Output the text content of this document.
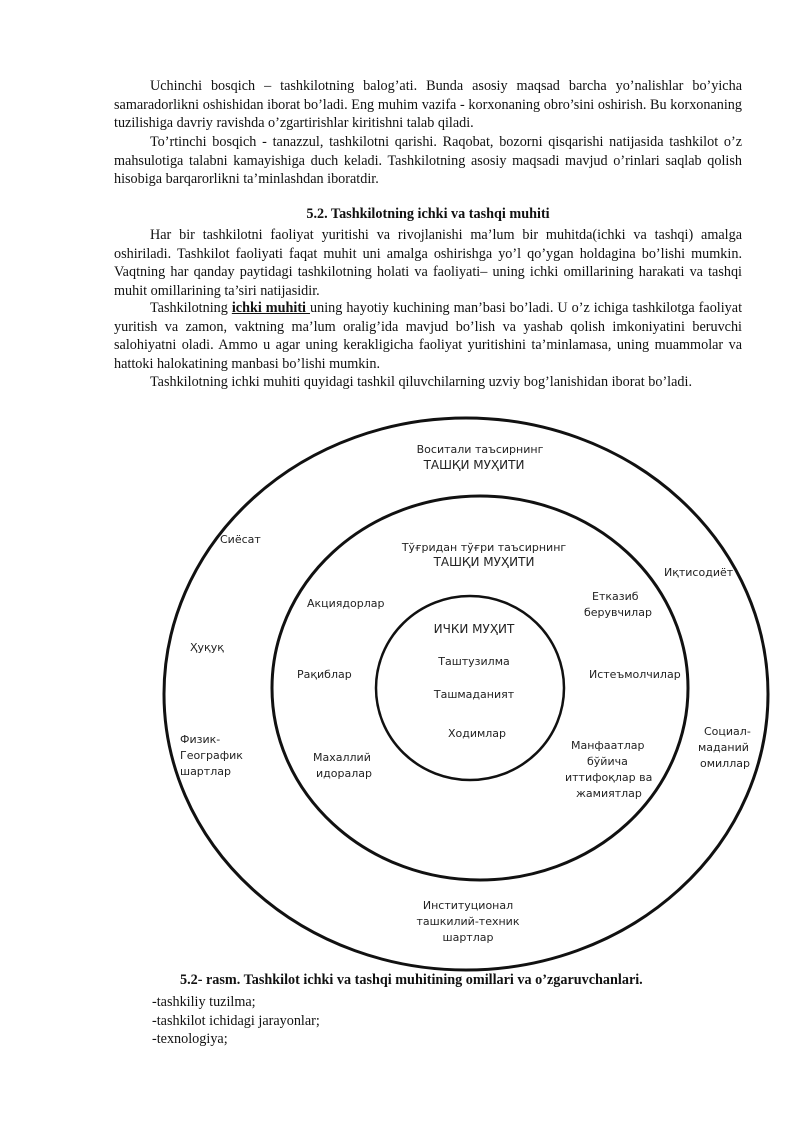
Uchinchi bosqich – tashkilotning balog’ati. Bunda asosiy maqsad barcha yo’nalishlar bo’yicha samaradorlikni oshishidan iborat bo’ladi. Eng muhim vazifa - korxonaning obro’sini oshirish. Bu korxonaning tuzilishiga davriy ravishda o’zgartirishlar kiritishni talab qiladi.

To’rtinchi bosqich - tanazzul, tashkilotni qarishi. Raqobat, bozorni qisqarishi natijasida tashkilot o’z mahsulotiga talabni kamayishiga duch keladi. Tashkilotning asosiy maqsadi mavjud o’rinlari saqlab qolish hisobiga barqarorlikni ta’minlashdan iboratdir.

5.2. Tashkilotning ichki va tashqi muhiti

Har bir tashkilotni faoliyat yuritishi va rivojlanishi ma’lum bir muhitda(ichki va tashqi) amalga oshiriladi. Tashkilot faoliyati faqat muhit uni amalga oshirishga yo’l qo’ygan holdagina bo’lishi mumkin. Vaqtning har qanday paytidagi tashkilotning holati va faoliyati– uning ichki omillarining harakati va tashqi muhit omillarining ta’siri natijasidir.

Tashkilotning ichki muhiti uning hayotiy kuchining man’basi bo’ladi. U o’z ichiga tashkilotga faoliyat yuritish va zamon, vaktning ma’lum oralig’ida mavjud bo’lish va yashab qolish imkoniyatini beruvchi salohiyatni oladi. Ammo u agar uning kerakligicha faoliyat yuritishini ta’minlamasa, uning muammolar va hattoki halokatining manbasi bo’lishi mumkin.

Tashkilotning ichki muhiti quyidagi tashkil qiluvchilarning uzviy bog’lanishidan iborat bo’ladi.

Воситали таъсирнинг
ТАШҚИ МУҲИТИ
Сиёсат
Иқтисодиёт
Ҳуқуқ
Физик-
Географик
шартлар
Социал-
маданий
омиллар
Институционал
ташкилий-техник
шартлар
Тўғридан тўғри таъсирнинг
ТАШҚИ МУҲИТИ
Акциядорлар
Етказиб
берувчилар
Рақиблар	Истеъмолчилар
Махаллий
идоралар
Манфаатлар
бўйича
иттифоқлар ва
жамиятлар
ИЧКИ МУҲИТ
Таштузилма
Ташмаданият
Ходимлар

5.2- rasm. Tashkilot ichki va tashqi muhitining omillari va o’zgaruvchanlari.

-tashkiliy tuzilma;
-tashkilot ichidagi jarayonlar;
-texnologiya;
